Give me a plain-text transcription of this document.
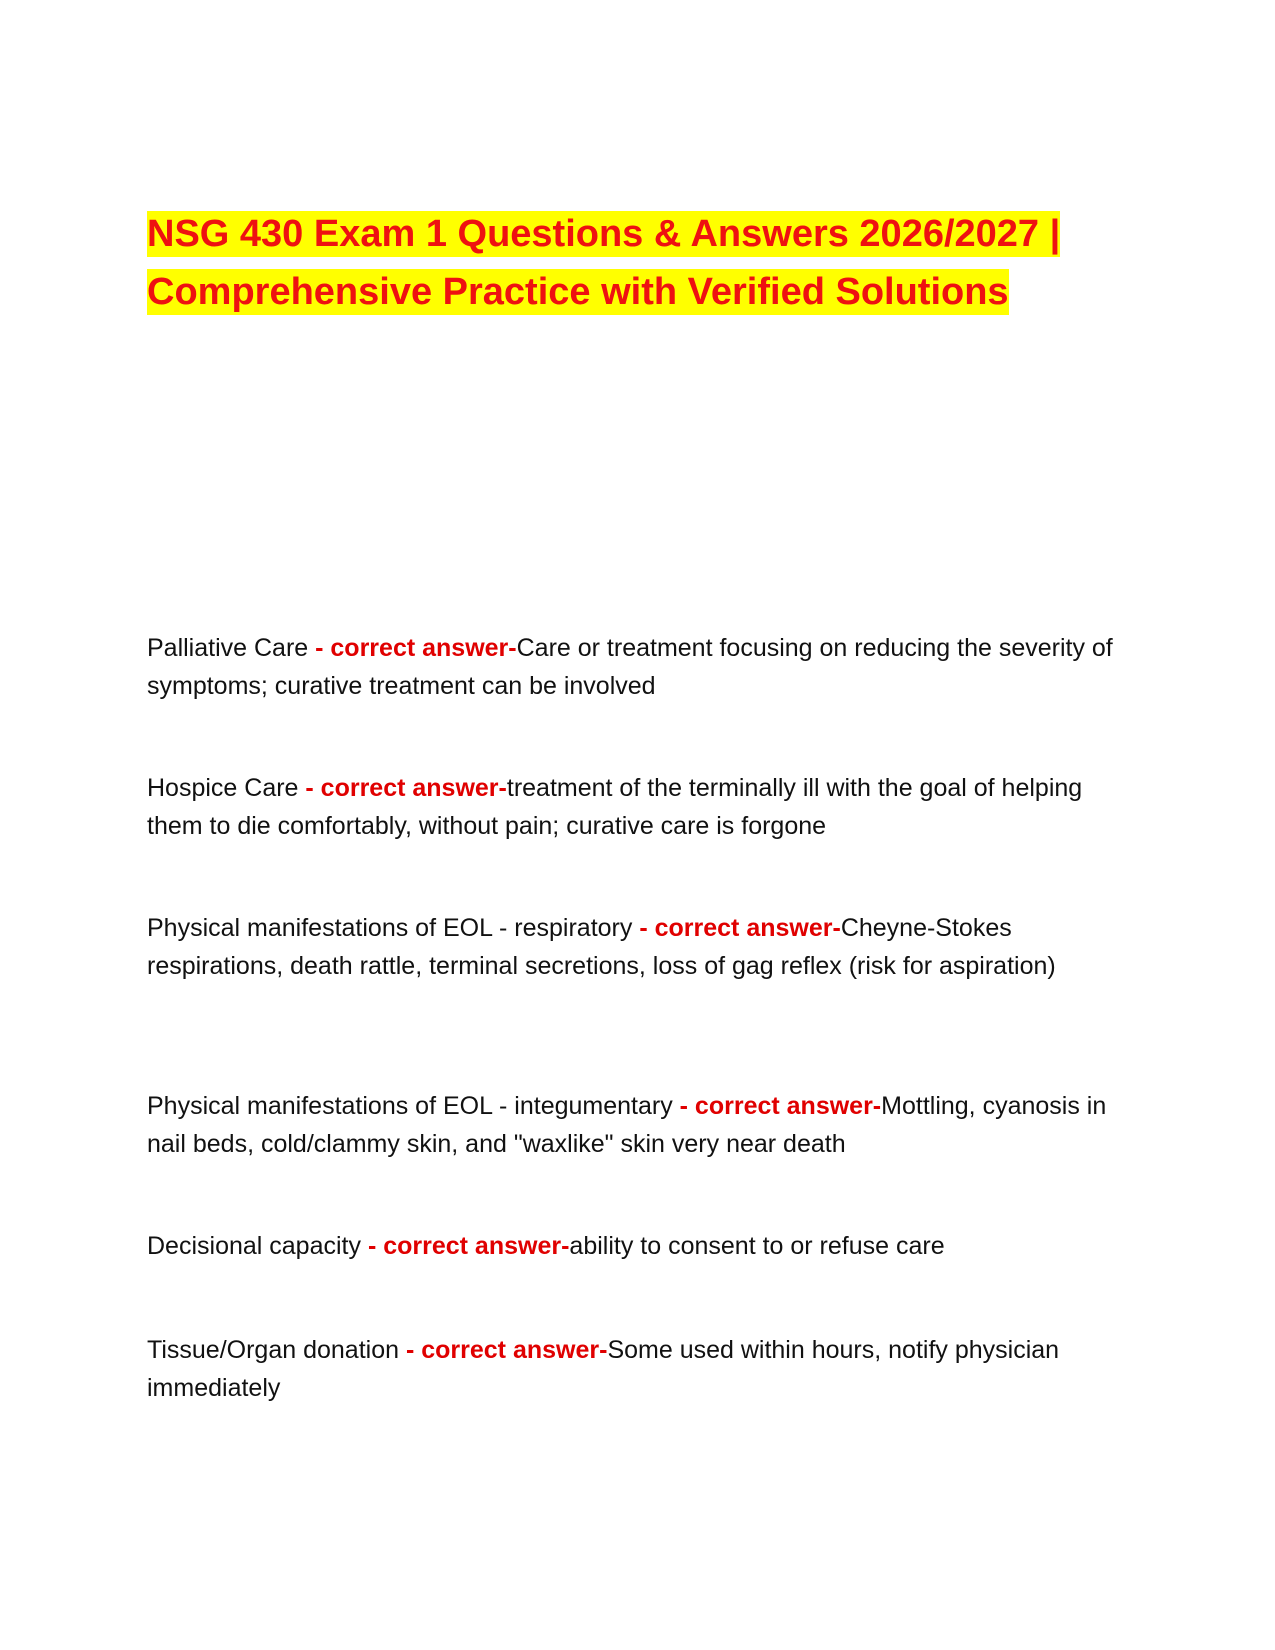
NSG 430 Exam 1 Questions & Answers 2026/2027 |
Comprehensive Practice with Verified Solutions
Palliative Care - correct answer-Care or treatment focusing on reducing the severity of symptoms; curative treatment can be involved
Hospice Care - correct answer-treatment of the terminally ill with the goal of helping them to die comfortably, without pain; curative care is forgone
Physical manifestations of EOL - respiratory - correct answer-Cheyne-Stokes respirations, death rattle, terminal secretions, loss of gag reflex (risk for aspiration)
Physical manifestations of EOL - integumentary - correct answer-Mottling, cyanosis in nail beds, cold/clammy skin, and "waxlike" skin very near death
Decisional capacity - correct answer-ability to consent to or refuse care
Tissue/Organ donation - correct answer-Some used within hours, notify physician immediately
